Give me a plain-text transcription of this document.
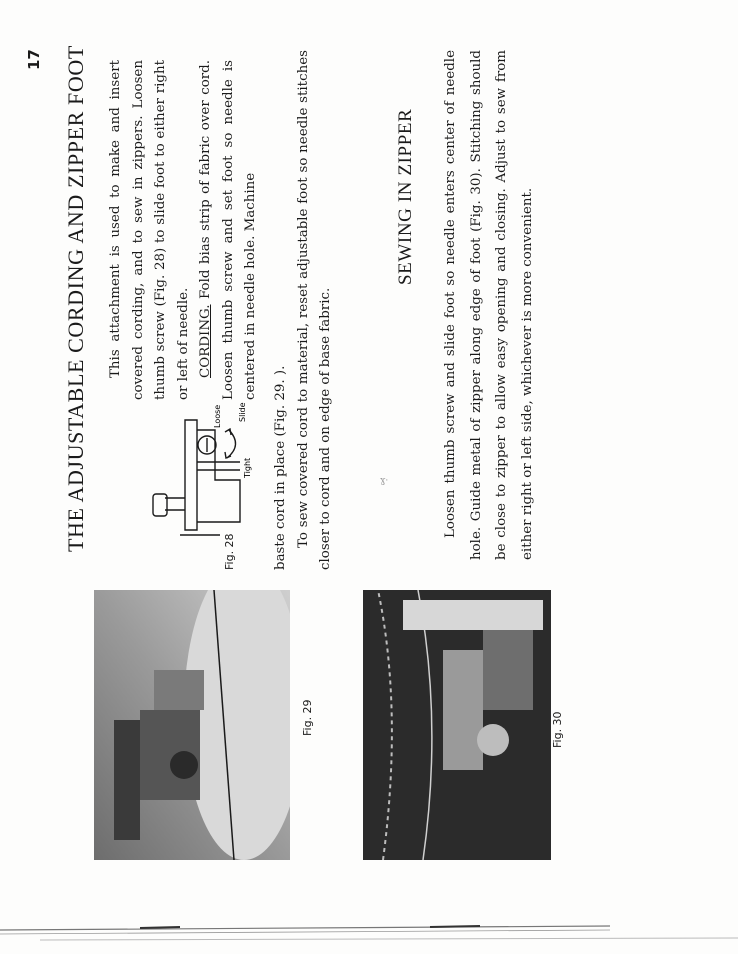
17 THE ADJUSTABLE CORDING AND ZIPPER FOOT	Slide
Tight
Loose
Fig. 28

This attachment is used to make and insert covered cording, and to sew in zippers. Loosen thumb screw (Fig. 28) to slide foot to either right or left of needle. CORDING. Fold bias strip of fabric over cord. Loosen thumb screw and set foot so needle is centered in needle hole. Machine

baste cord in place (Fig. 29. ). To sew covered cord to material, reset adjustable foot so needle stitches closer to cord and on edge of base fabric.

SEWING IN ZIPPER	Loosen thumb screw and slide foot so needle enters center of needle hole. Guide metal of zipper along edge of foot (Fig. 30). Stitching should be close to zipper to allow easy opening and closing. Adjust to sew from either right or left side, whichever is more convenient.

Fig. 29	Fig. 30
ɣ·
